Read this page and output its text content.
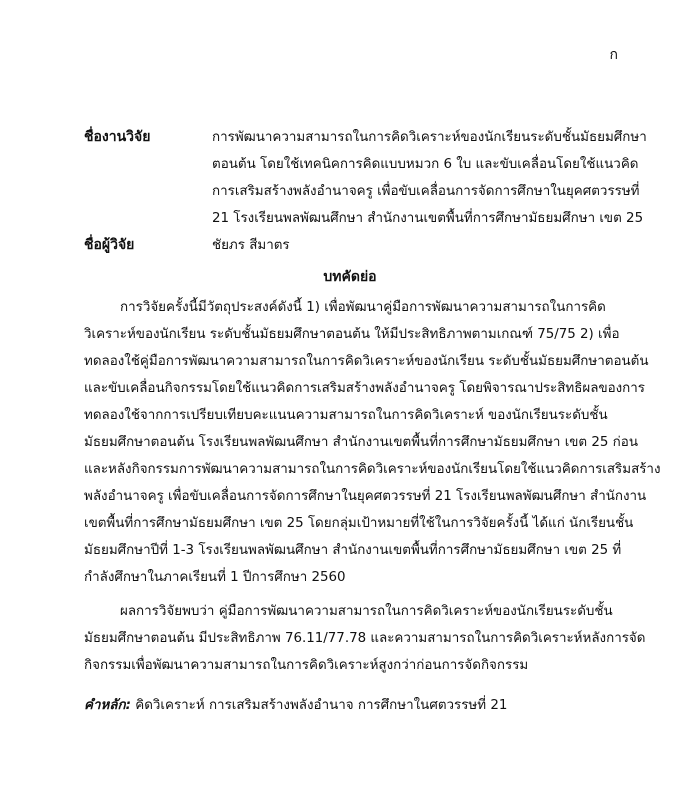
ก
ชื่องานวิจัย	การพัฒนาความสามารถในการคิดวิเคราะห์ของนักเรียนระดับชั้นมัธยมศึกษา
ตอนต้น โดยใช้เทคนิคการคิดแบบหมวก 6 ใบ และขับเคลื่อนโดยใช้แนวคิด
การเสริมสร้างพลังอำนาจครู เพื่อขับเคลื่อนการจัดการศึกษาในยุคศตวรรษที่
21 โรงเรียนพลพัฒนศึกษา สำนักงานเขตพื้นที่การศึกษามัธยมศึกษา เขต 25
ชื่อผู้วิจัย	ชัยภร สีมาตร
บทคัดย่อ
การวิจัยครั้งนี้มีวัตถุประสงค์ดังนี้ 1) เพื่อพัฒนาคู่มือการพัฒนาความสามารถในการคิด
วิเคราะห์ของนักเรียน ระดับชั้นมัธยมศึกษาตอนต้น ให้มีประสิทธิภาพตามเกณฑ์ 75/75 2) เพื่อ
ทดลองใช้คู่มือการพัฒนาความสามารถในการคิดวิเคราะห์ของนักเรียน ระดับชั้นมัธยมศึกษาตอนต้น
และขับเคลื่อนกิจกรรมโดยใช้แนวคิดการเสริมสร้างพลังอำนาจครู โดยพิจารณาประสิทธิผลของการ
ทดลองใช้จากการเปรียบเทียบคะแนนความสามารถในการคิดวิเคราะห์ ของนักเรียนระดับชั้น
มัธยมศึกษาตอนต้น โรงเรียนพลพัฒนศึกษา สำนักงานเขตพื้นที่การศึกษามัธยมศึกษา เขต 25 ก่อน
และหลังกิจกรรมการพัฒนาความสามารถในการคิดวิเคราะห์ของนักเรียนโดยใช้แนวคิดการเสริมสร้าง
พลังอำนาจครู เพื่อขับเคลื่อนการจัดการศึกษาในยุคศตวรรษที่ 21 โรงเรียนพลพัฒนศึกษา สำนักงาน
เขตพื้นที่การศึกษามัธยมศึกษา เขต 25 โดยกลุ่มเป้าหมายที่ใช้ในการวิจัยครั้งนี้ ได้แก่ นักเรียนชั้น
มัธยมศึกษาปีที่ 1-3 โรงเรียนพลพัฒนศึกษา สำนักงานเขตพื้นที่การศึกษามัธยมศึกษา เขต 25 ที่
กำลังศึกษาในภาคเรียนที่ 1 ปีการศึกษา 2560
ผลการวิจัยพบว่า คู่มือการพัฒนาความสามารถในการคิดวิเคราะห์ของนักเรียนระดับชั้น
มัธยมศึกษาตอนต้น มีประสิทธิภาพ 76.11/77.78 และความสามารถในการคิดวิเคราะห์หลังการจัด
กิจกรรมเพื่อพัฒนาความสามารถในการคิดวิเคราะห์สูงกว่าก่อนการจัดกิจกรรม
คำหลัก: คิดวิเคราะห์ การเสริมสร้างพลังอำนาจ การศึกษาในศตวรรษที่ 21
